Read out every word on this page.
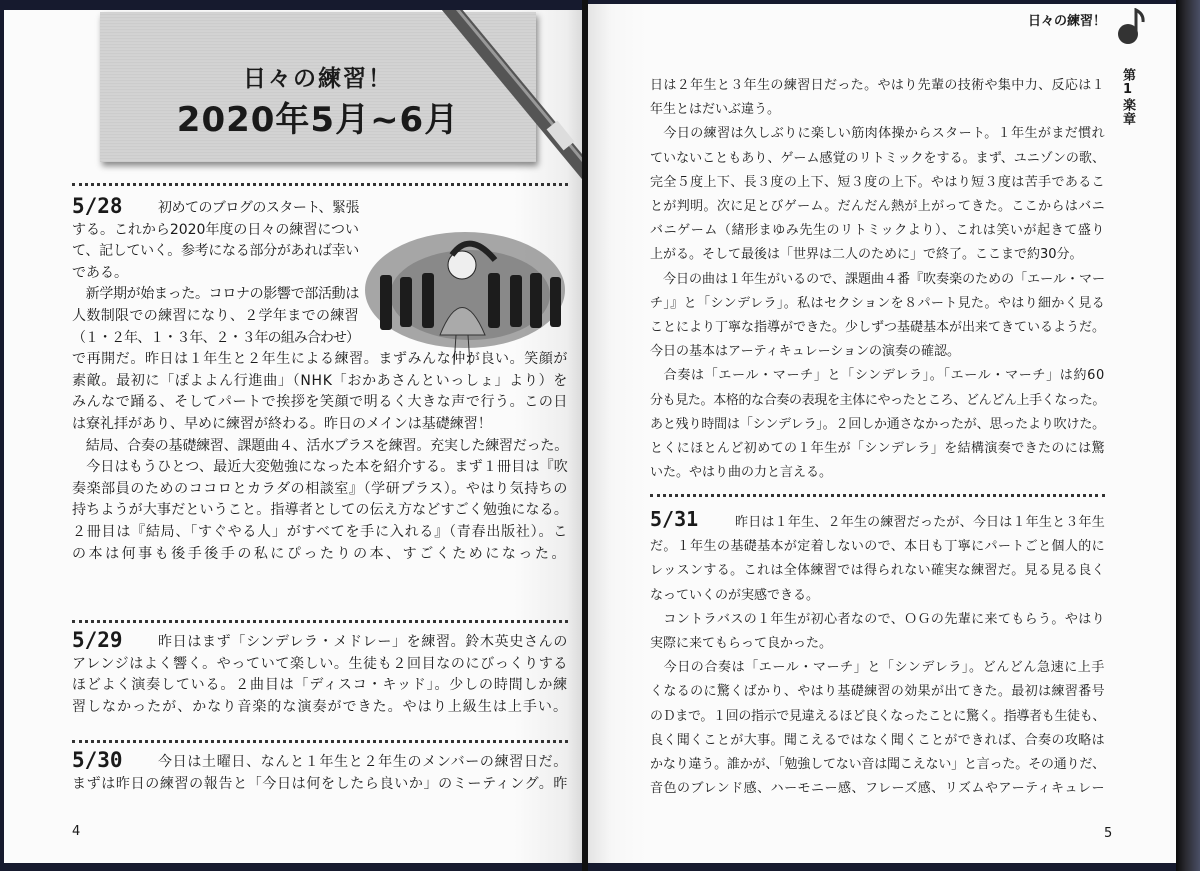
日々の練習！
2020年5月~6月
5/28	初めてのブログのスタート、緊張
する。これから2020年度の日々の練習につい
て、記していく。参考になる部分があれば幸い
である。
　新学期が始まった。コロナの影響で部活動は
人数制限での練習になり、２学年までの練習
（１・２年、１・３年、２・３年の組み合わせ）
で再開だ。昨日は１年生と２年生による練習。まずみんな仲が良い。笑顔が
素敵。最初に「ぽよよん行進曲」（NHK「おかあさんといっしょ」より）を
みんなで踊る、そしてパートで挨拶を笑顔で明るく大きな声で行う。この日
は寮礼拝があり、早めに練習が終わる。昨日のメインは基礎練習！
　結局、合奏の基礎練習、課題曲４、活水ブラスを練習。充実した練習だった。
　今日はもうひとつ、最近大変勉強になった本を紹介する。まず１冊目は『吹
奏楽部員のためのココロとカラダの相談室』（学研プラス）。やはり気持ちの
持ちようが大事だということ。指導者としての伝え方などすごく勉強になる。
２冊目は『結局、「すぐやる人」がすべてを手に入れる』（青春出版社）。こ
の本は何事も後手後手の私にぴったりの本、すごくためになった。
5/29	昨日はまず「シンデレラ・メドレー」を練習。鈴木英史さんの
アレンジはよく響く。やっていて楽しい。生徒も２回目なのにびっくりする
ほどよく演奏している。２曲目は「ディスコ・キッド」。少しの時間しか練
習しなかったが、かなり音楽的な演奏ができた。やはり上級生は上手い。
5/30	今日は土曜日、なんと１年生と２年生のメンバーの練習日だ。
まずは昨日の練習の報告と「今日は何をしたら良いか」のミーティング。昨
4
日々の練習！
第1楽章
日は２年生と３年生の練習日だった。やはり先輩の技術や集中力、反応は１
年生とはだいぶ違う。
　今日の練習は久しぶりに楽しい筋肉体操からスタート。１年生がまだ慣れ
ていないこともあり、ゲーム感覚のリトミックをする。まず、ユニゾンの歌、
完全５度上下、長３度の上下、短３度の上下。やはり短３度は苦手であるこ
とが判明。次に足とびゲーム。だんだん熱が上がってきた。ここからはバニ
バニゲーム（緒形まゆみ先生のリトミックより）、これは笑いが起きて盛り
上がる。そして最後は「世界は二人のために」で終了。ここまで約30分。
　今日の曲は１年生がいるので、課題曲４番『吹奏楽のための「エール・マー
チ」』と「シンデレラ」。私はセクションを８パート見た。やはり細かく見る
ことにより丁寧な指導ができた。少しずつ基礎基本が出来てきているようだ。
今日の基本はアーティキュレーションの演奏の確認。
　合奏は「エール・マーチ」と「シンデレラ」。「エール・マーチ」は約60
分も見た。本格的な合奏の表現を主体にやったところ、どんどん上手くなった。
あと残り時間は「シンデレラ」。２回しか通さなかったが、思ったより吹けた。
とくにほとんど初めての１年生が「シンデレラ」を結構演奏できたのには驚
いた。やはり曲の力と言える。
5/31	昨日は１年生、２年生の練習だったが、今日は１年生と３年生
だ。１年生の基礎基本が定着しないので、本日も丁寧にパートごと個人的に
レッスンする。これは全体練習では得られない確実な練習だ。見る見る良く
なっていくのが実感できる。
　コントラバスの１年生が初心者なので、ＯＧの先輩に来てもらう。やはり
実際に来てもらって良かった。
　今日の合奏は「エール・マーチ」と「シンデレラ」。どんどん急速に上手
くなるのに驚くばかり、やはり基礎練習の効果が出てきた。最初は練習番号
のＤまで。１回の指示で見違えるほど良くなったことに驚く。指導者も生徒も、
良く聞くことが大事。聞こえるではなく聞くことができれば、合奏の攻略は
かなり違う。誰かが、「勉強してない音は聞こえない」と言った。その通りだ、
音色のブレンド感、ハーモニー感、フレーズ感、リズムやアーティキュレー
5
